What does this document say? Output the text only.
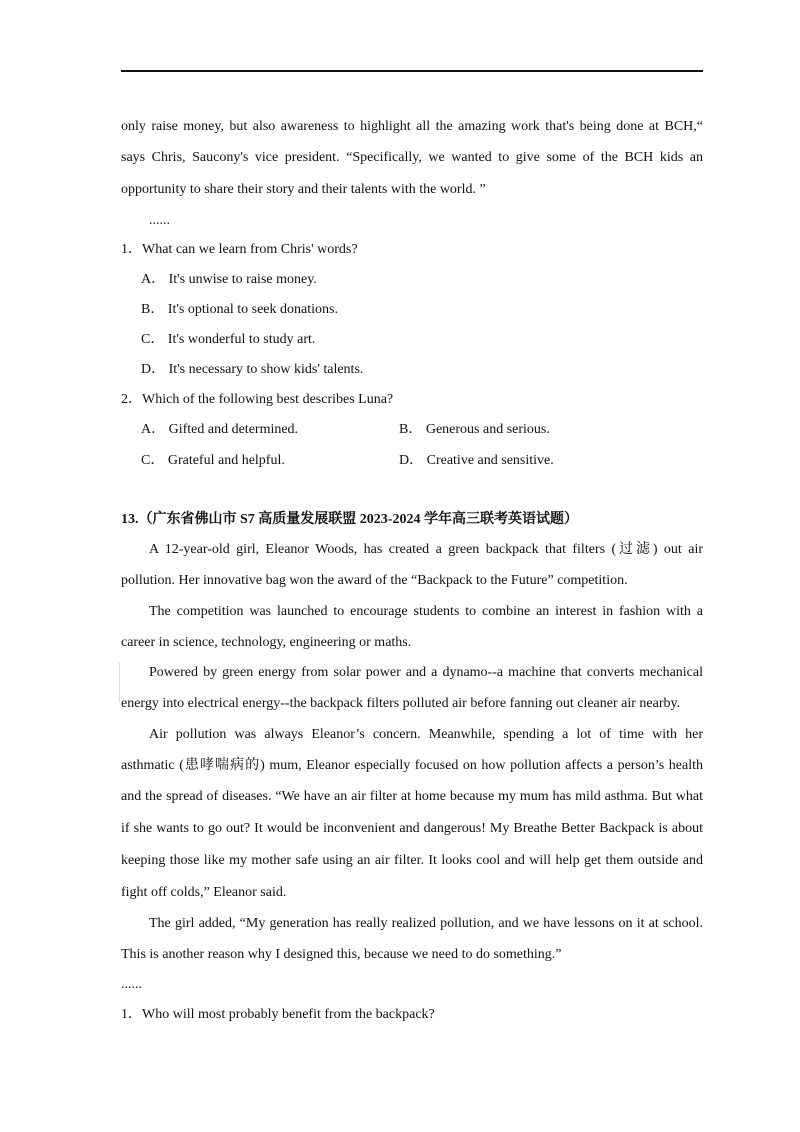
only raise money, but also awareness to highlight all the amazing work that's being done at BCH,“
says Chris, Saucony's vice president. “Specifically, we wanted to give some of the BCH kids an
opportunity to share their story and their talents with the world. ”
......
1．What can we learn from Chris' words?
A． It's unwise to raise money.
B． It's optional to seek donations.
C． It's wonderful to study art.
D． It's necessary to show kids' talents.
2．Which of the following best describes Luna?
A． Gifted and determined.	B． Generous and serious.
C． Grateful and helpful.	D． Creative and sensitive.
13.（广东省佛山市 S7 高质量发展联盟 2023-2024 学年高三联考英语试题）
A 12-year-old girl, Eleanor Woods, has created a green backpack that filters (过滤) out air
pollution. Her innovative bag won the award of the “Backpack to the Future” competition.
The competition was launched to encourage students to combine an interest in fashion with a
career in science, technology, engineering or maths.
Powered by green energy from solar power and a dynamo--a machine that converts mechanical
energy into electrical energy--the backpack filters polluted air before fanning out cleaner air nearby.
Air pollution was always Eleanor’s concern. Meanwhile, spending a lot of time with her
asthmatic (患哮喘病的) mum, Eleanor especially focused on how pollution affects a person’s health
and the spread of diseases. “We have an air filter at home because my mum has mild asthma. But what
if she wants to go out? It would be inconvenient and dangerous! My Breathe Better Backpack is about
keeping those like my mother safe using an air filter. It looks cool and will help get them outside and
fight off colds,” Eleanor said.
The girl added, “My generation has really realized pollution, and we have lessons on it at school.
This is another reason why I designed this, because we need to do something.”
......
1．Who will most probably benefit from the backpack?
